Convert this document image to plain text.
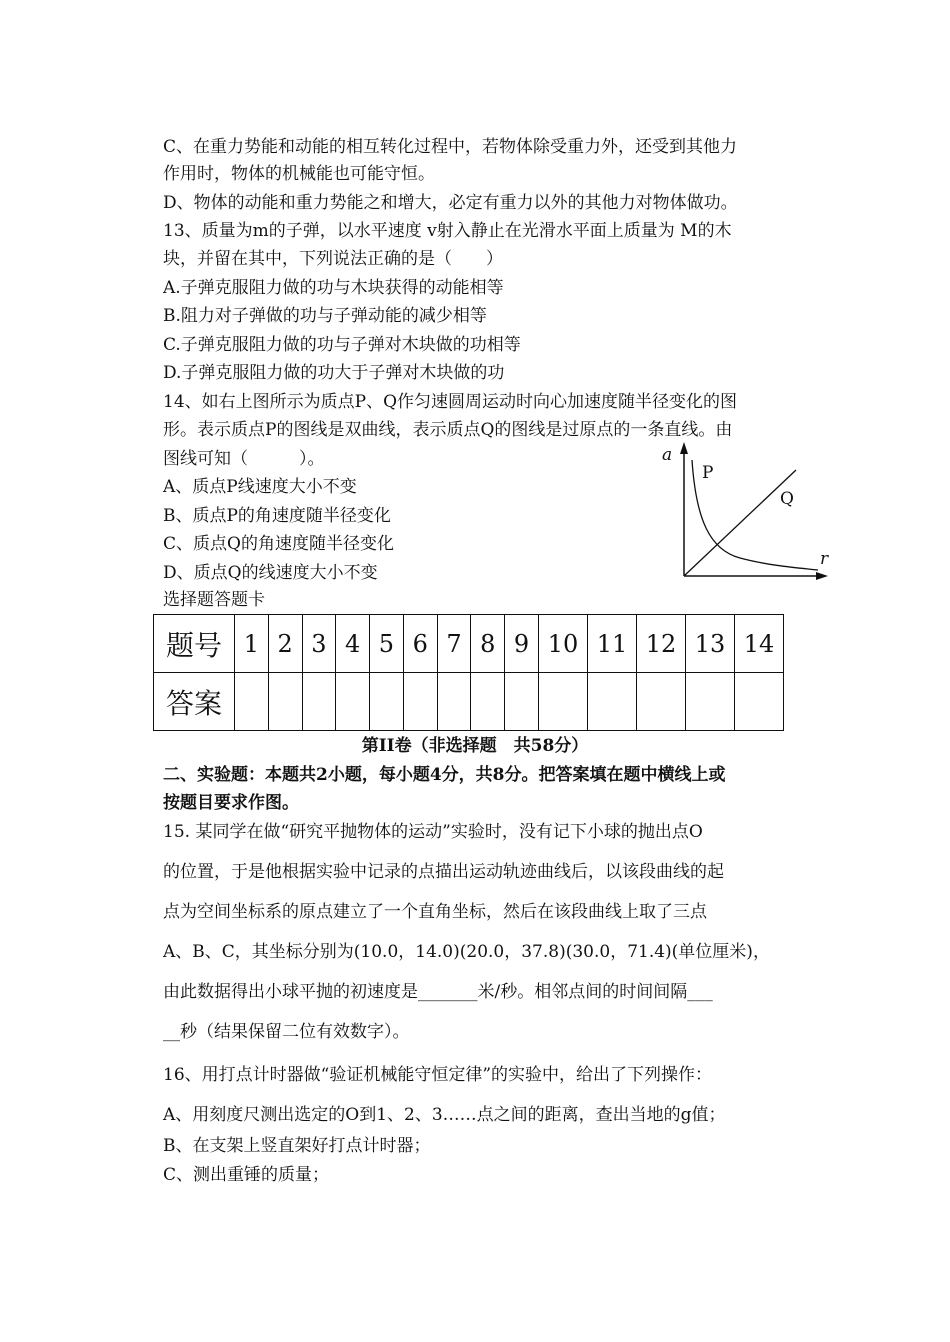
C、在重力势能和动能的相互转化过程中，若物体除受重力外，还受到其他力
作用时，物体的机械能也可能守恒。
D、物体的动能和重力势能之和增大，必定有重力以外的其他力对物体做功。
13、质量为m的子弹，以水平速度 v射入静止在光滑水平面上质量为 M的木
块，并留在其中，下列说法正确的是（　　）
A.子弹克服阻力做的功与木块获得的动能相等
B.阻力对子弹做的功与子弹动能的减少相等
C.子弹克服阻力做的功与子弹对木块做的功相等
D.子弹克服阻力做的功大于子弹对木块做的功
14、如右上图所示为质点P、Q作匀速圆周运动时向心加速度随半径变化的图
形。表示质点P的图线是双曲线，表示质点Q的图线是过原点的一条直线。由
图线可知（　　　）。
A、质点P线速度大小不变
B、质点P的角速度随半径变化
C、质点Q的角速度随半径变化
D、质点Q的线速度大小不变
选择题答题卡
a
r
P
Q
题号	1	2	3	4	5	6	7	8	9	10	11	12	13	14
答案														
第II卷（非选择题　共58分）
二、实验题：本题共2小题，每小题4分，共8分。把答案填在题中横线上或
按题目要求作图。
15. 某同学在做“研究平抛物体的运动”实验时，没有记下小球的抛出点O
的位置，于是他根据实验中记录的点描出运动轨迹曲线后，以该段曲线的起
点为空间坐标系的原点建立了一个直角坐标，然后在该段曲线上取了三点
A、B、C，其坐标分别为(10.0，14.0)(20.0，37.8)(30.0，71.4)(单位厘米)，
由此数据得出小球平抛的初速度是_______米/秒。相邻点间的时间间隔___
__秒（结果保留二位有效数字）。
16、用打点计时器做“验证机械能守恒定律”的实验中，给出了下列操作：
A、用刻度尺测出选定的O到1、2、3……点之间的距离，查出当地的g值；
B、在支架上竖直架好打点计时器；
C、测出重锤的质量；
